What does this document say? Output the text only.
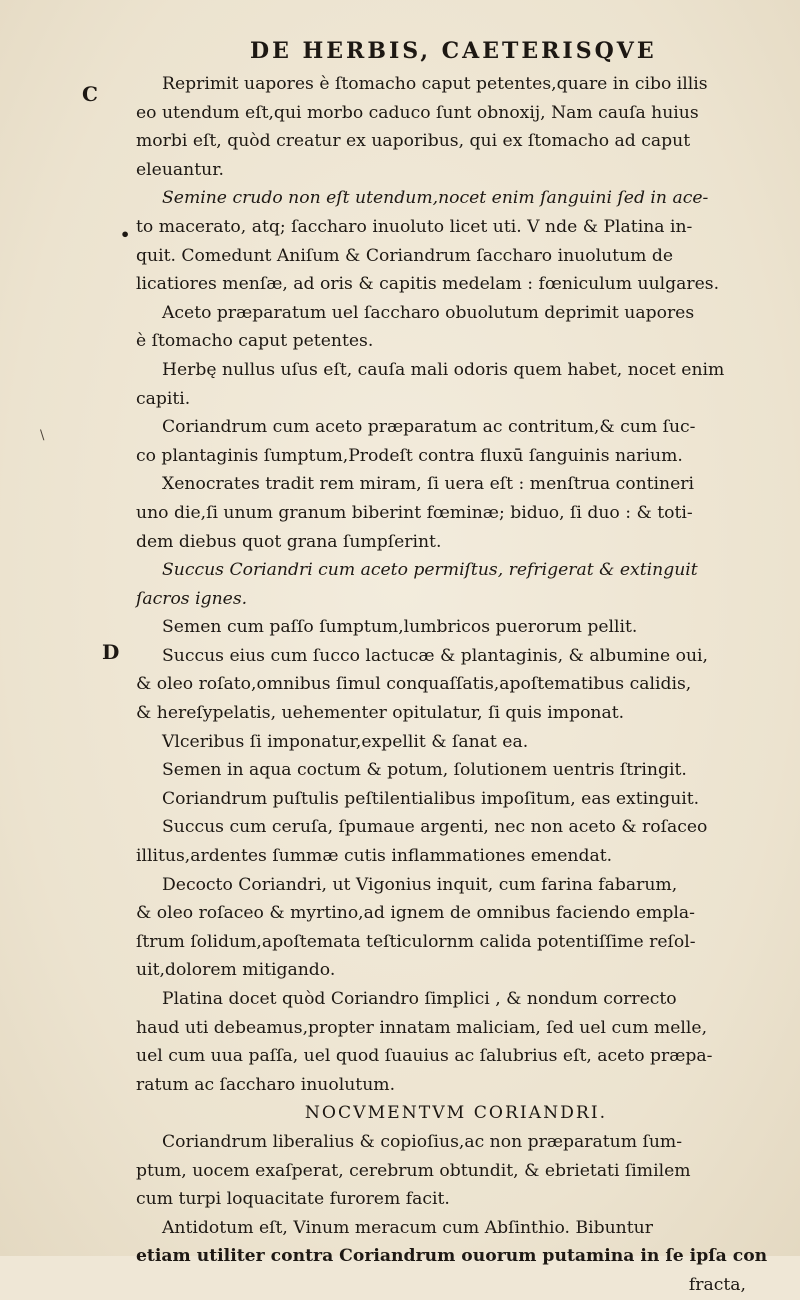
DE HERBIS, CAETERISQVE
C
•
\
D
Reprimit uapores è ſtomacho caput petentes,quare in cibo illis
eo utendum eſt,qui morbo caduco ſunt obnoxij, Nam cauſa huius
morbi eſt, quòd creatur ex uaporibus, qui ex ſtomacho ad caput
eleuantur.
Semine crudo non eſt utendum,nocet enim ſanguini ſed in ace-
to macerato, atq; ſaccharo inuoluto licet uti. V nde & Platina in-
quit. Comedunt Aniſum & Coriandrum ſaccharo inuolutum de
licatiores menſæ, ad oris & capitis medelam : fœniculum uulgares.
Aceto præparatum uel ſaccharo obuolutum deprimit uapores
è ſtomacho caput petentes.
Herbę nullus uſus eſt, cauſa mali odoris quem habet, nocet enim
capiti.
Coriandrum cum aceto præparatum ac contritum,& cum ſuc-
co plantaginis ſumptum,Prodeſt contra fluxū ſanguinis narium.
Xenocrates tradit rem miram, ſi uera eſt : menſtrua contineri
uno die,ſi unum granum biberint fœminæ; biduo, ſi duo : & toti-
dem diebus quot grana ſumpſerint.
Succus Coriandri cum aceto permiſtus, refrigerat & extinguit
ſacros ignes.
Semen cum paſſo ſumptum,lumbricos puerorum pellit.
Succus eius cum ſucco lactucæ & plantaginis, & albumine oui,
& oleo roſato,omnibus ſimul conquaſſatis,apoſtematibus calidis,
& hereſypelatis, uehementer opitulatur, ſi quis imponat.
Vlceribus ſi imponatur,expellit & ſanat ea.
Semen in aqua coctum & potum, ſolutionem uentris ſtringit.
Coriandrum puſtulis peſtilentialibus impoſitum, eas extinguit.
Succus cum ceruſa, ſpumaue argenti, nec non aceto & roſaceo
illitus,ardentes ſummæ cutis inflammationes emendat.
Decocto Coriandri, ut Vigonius inquit, cum farina fabarum,
& oleo roſaceo & myrtino,ad ignem de omnibus faciendo empla-
ſtrum ſolidum,apoſtemata teſticulornm calida potentiſſime reſol-
uit,dolorem mitigando.
Platina docet quòd Coriandro ſimplici , & nondum correcto
haud uti debeamus,propter innatam maliciam, ſed uel cum melle,
uel cum uua paſſa, uel quod ſuauius ac ſalubrius eſt, aceto præpa-
ratum ac ſaccharo inuolutum.
NOCVMENTVM CORIANDRI.
Coriandrum liberalius & copioſius,ac non præparatum ſum-
ptum, uocem exaſperat, cerebrum obtundit, & ebrietati ſimilem
cum turpi loquacitate furorem facit.
Antidotum eſt, Vinum meracum cum Abſinthio. Bibuntur
etiam utiliter contra Coriandrum ouorum putamina in ſe ipſa con
fracta,
